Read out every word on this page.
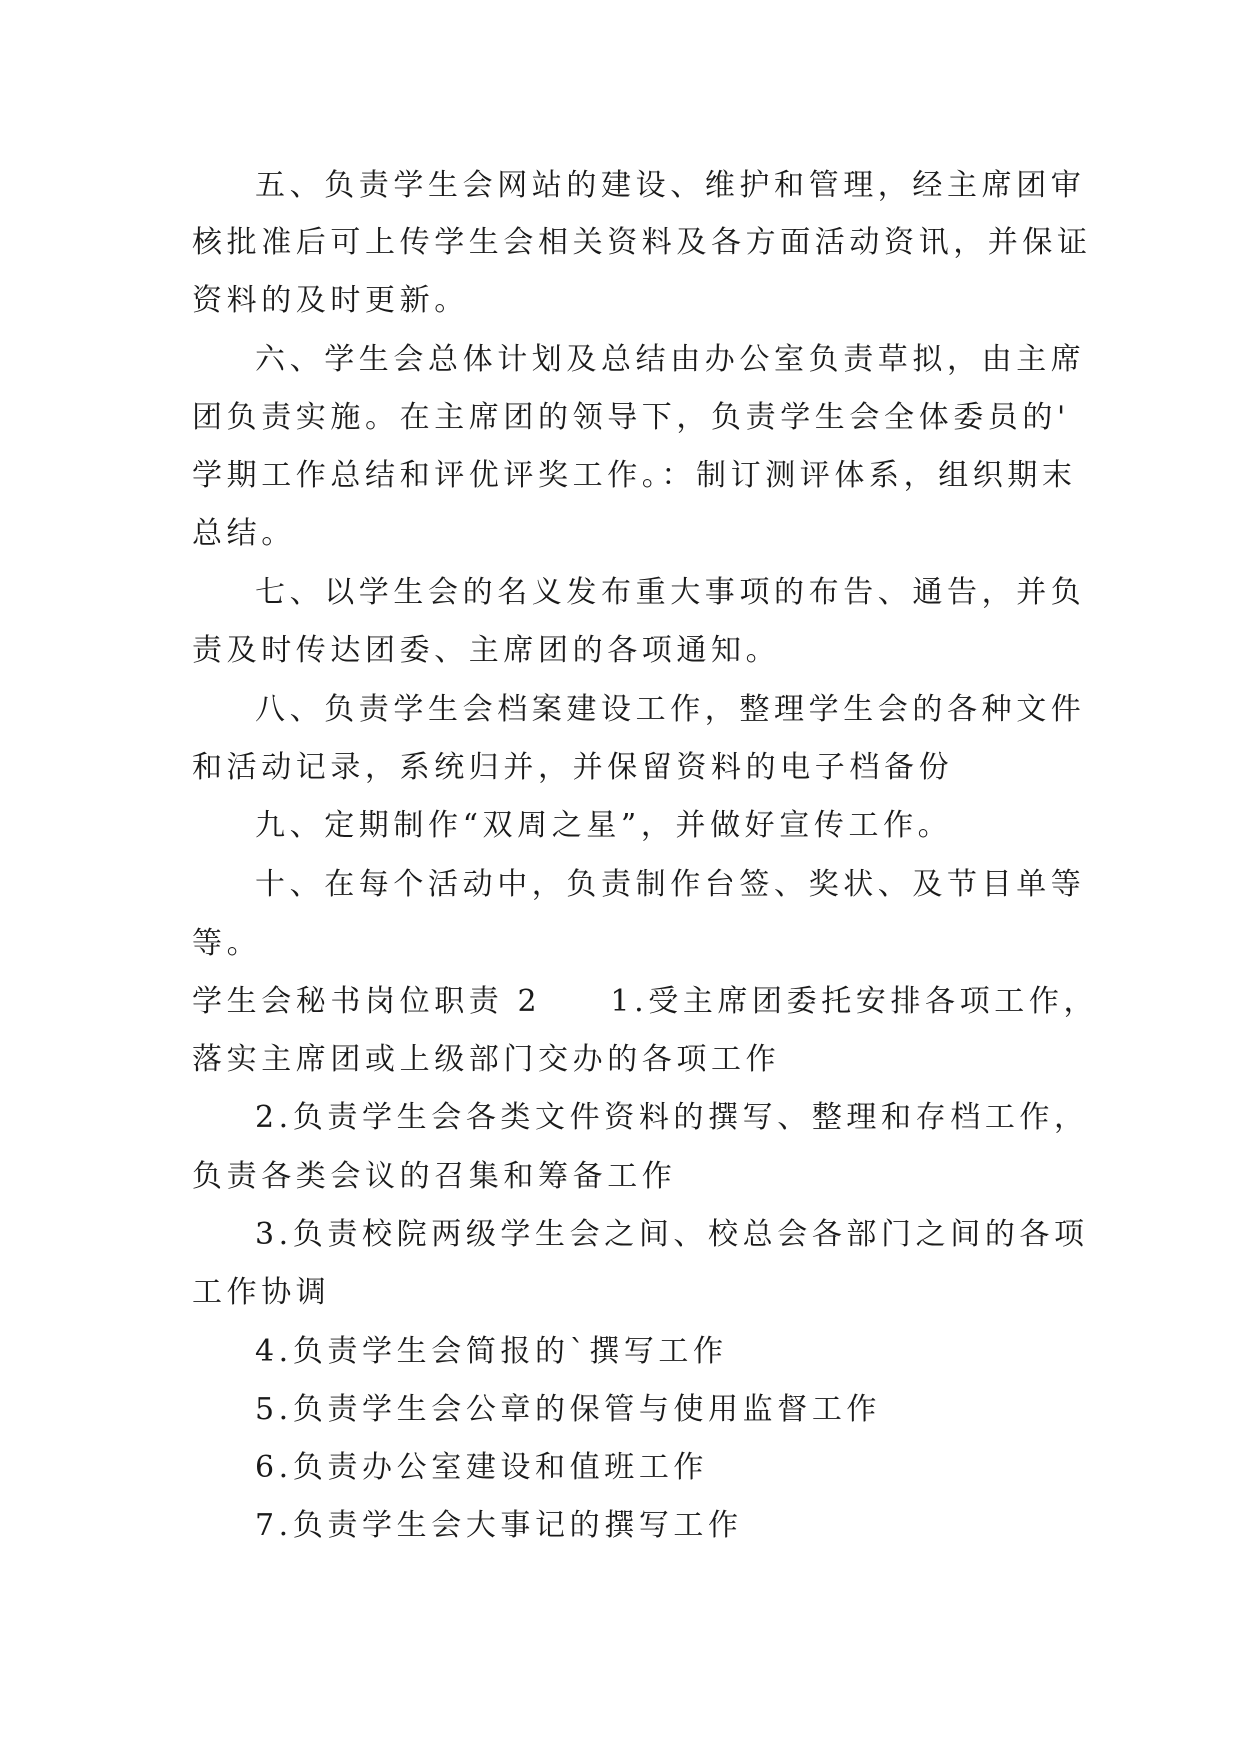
五、负责学生会网站的建设、维护和管理，经主席团审
核批准后可上传学生会相关资料及各方面活动资讯，并保证
资料的及时更新。
六、学生会总体计划及总结由办公室负责草拟，由主席
团负责实施。在主席团的领导下，负责学生会全体委员的'
学期工作总结和评优评奖工作。：制订测评体系，组织期末
总结。
七、以学生会的名义发布重大事项的布告、通告，并负
责及时传达团委、主席团的各项通知。
八、负责学生会档案建设工作，整理学生会的各种文件
和活动记录，系统归并，并保留资料的电子档备份
九、定期制作“双周之星”，并做好宣传工作。
十、在每个活动中，负责制作台签、奖状、及节目单等
等。
学生会秘书岗位职责 2　　1.受主席团委托安排各项工作，
落实主席团或上级部门交办的各项工作
2.负责学生会各类文件资料的撰写、整理和存档工作，
负责各类会议的召集和筹备工作
3.负责校院两级学生会之间、校总会各部门之间的各项
工作协调
4.负责学生会简报的`撰写工作
5.负责学生会公章的保管与使用监督工作
6.负责办公室建设和值班工作
7.负责学生会大事记的撰写工作
